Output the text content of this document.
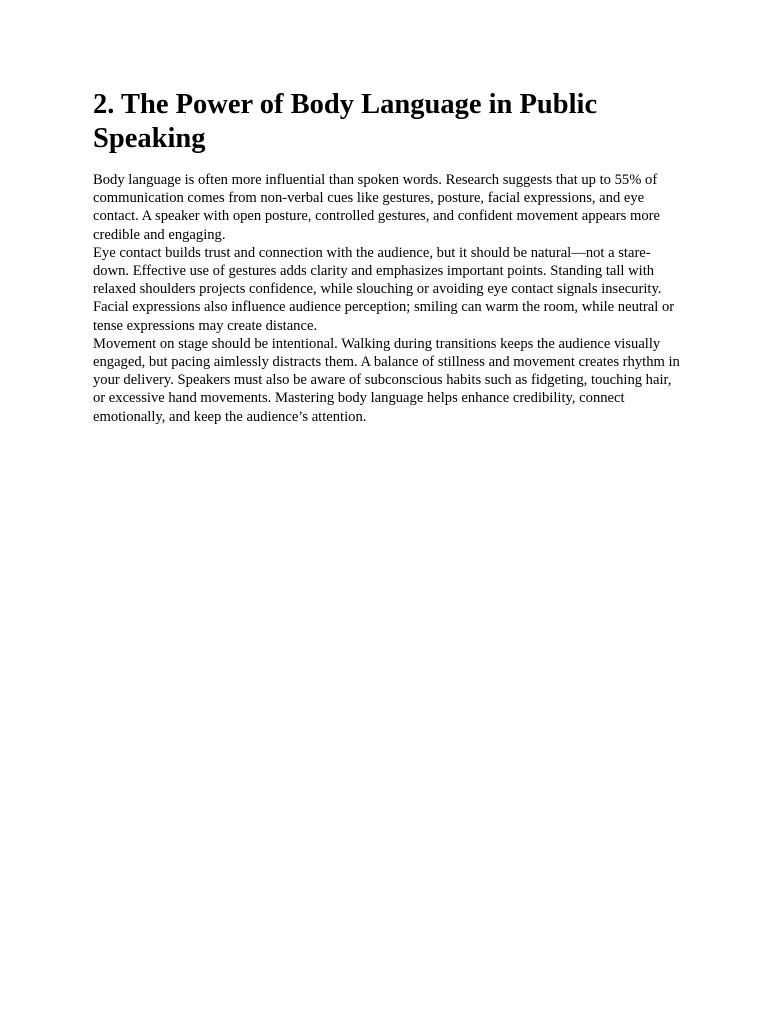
2. The Power of Body Language in Public Speaking

Body language is often more influential than spoken words. Research suggests that up to 55% of communication comes from non-verbal cues like gestures, posture, facial expressions, and eye contact. A speaker with open posture, controlled gestures, and confident movement appears more credible and engaging.

Eye contact builds trust and connection with the audience, but it should be natural—not a stare-down. Effective use of gestures adds clarity and emphasizes important points. Standing tall with relaxed shoulders projects confidence, while slouching or avoiding eye contact signals insecurity. Facial expressions also influence audience perception; smiling can warm the room, while neutral or tense expressions may create distance.

Movement on stage should be intentional. Walking during transitions keeps the audience visually engaged, but pacing aimlessly distracts them. A balance of stillness and movement creates rhythm in your delivery. Speakers must also be aware of subconscious habits such as fidgeting, touching hair, or excessive hand movements. Mastering body language helps enhance credibility, connect emotionally, and keep the audience’s attention.
